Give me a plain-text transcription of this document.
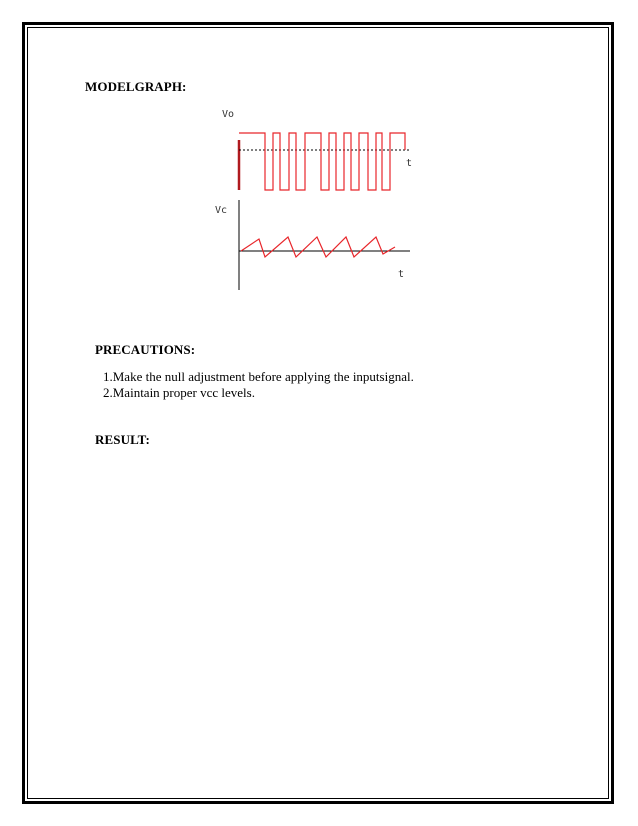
MODELGRAPH:
Vo
Vc
t
t
PRECAUTIONS:
1.Make the null adjustment before applying the inputsignal.
2.Maintain proper vcc levels.
RESULT:
